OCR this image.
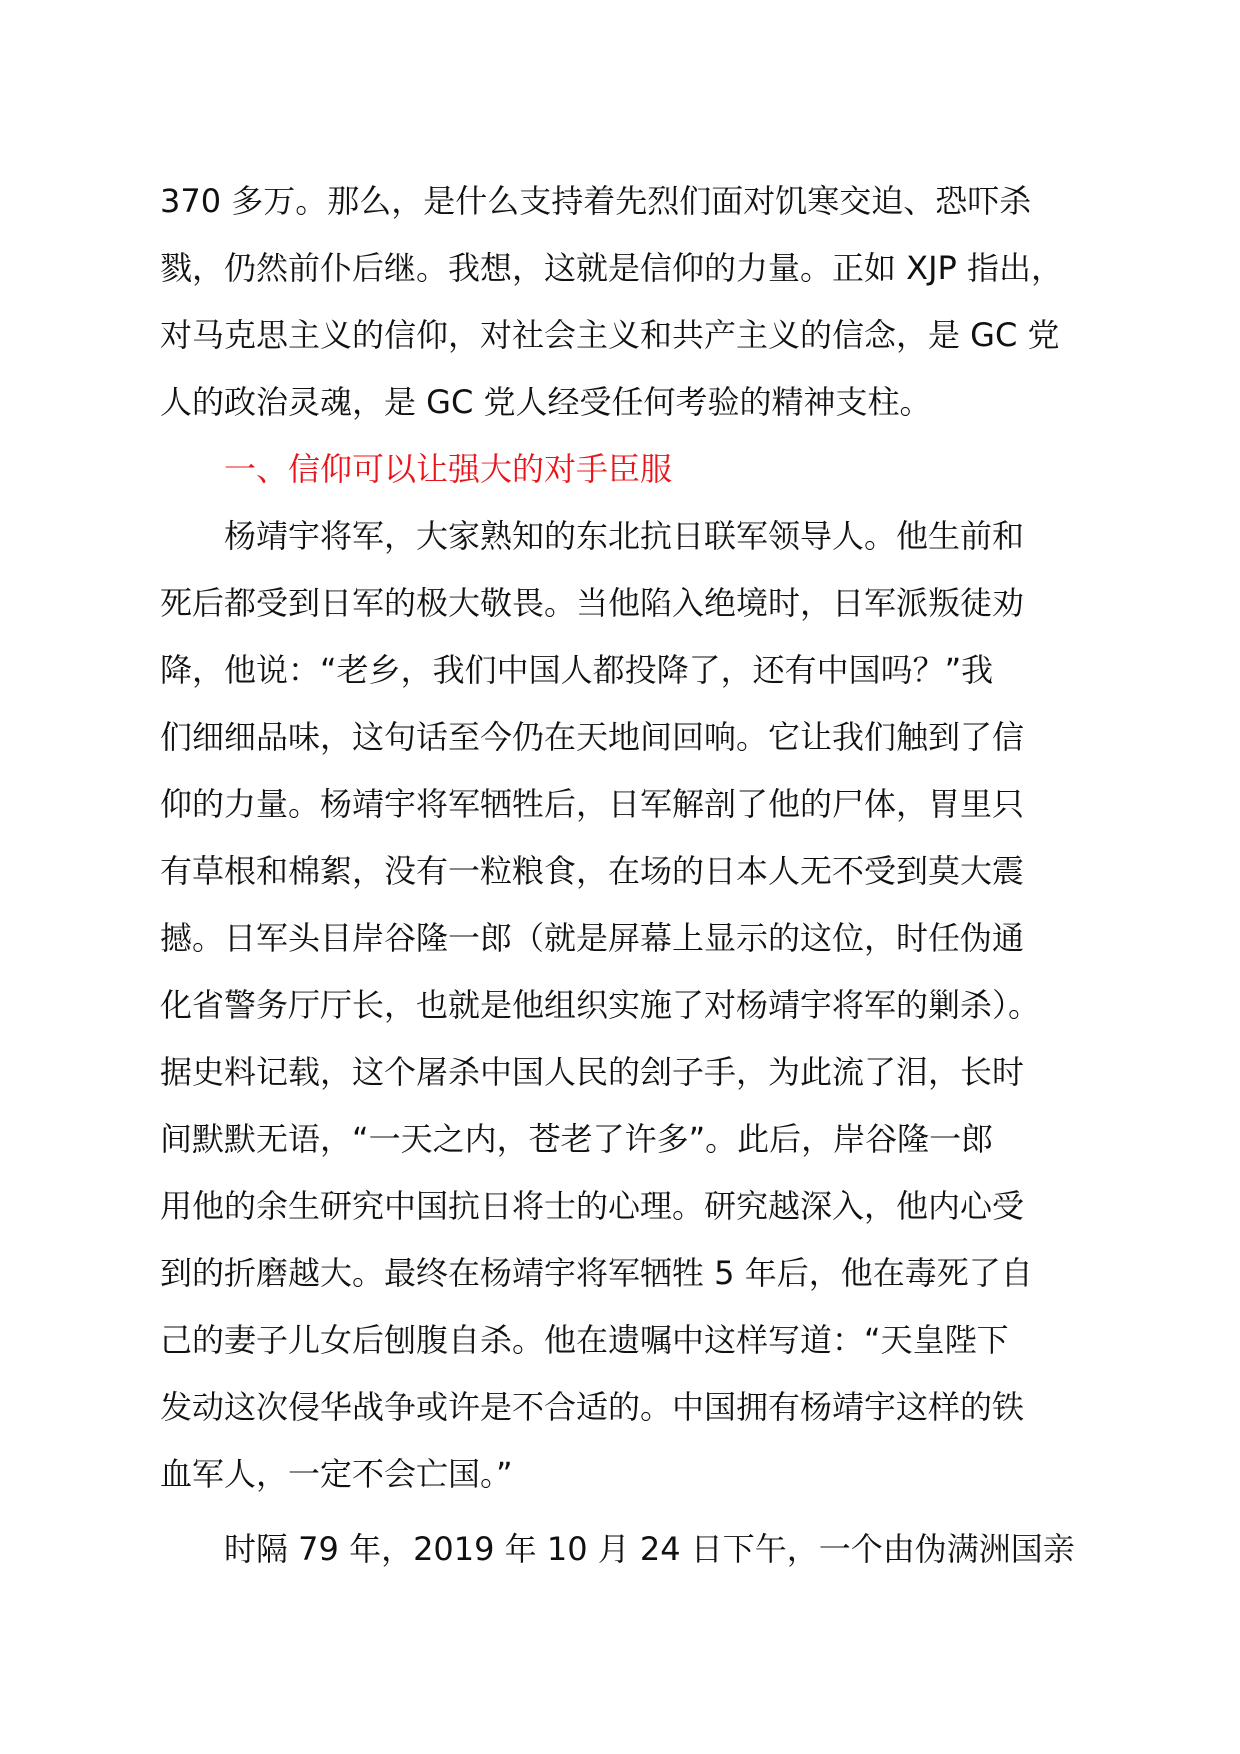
370 多万。那么，是什么支持着先烈们面对饥寒交迫、恐吓杀
戮，仍然前仆后继。我想，这就是信仰的力量。正如 XJP 指出，
对马克思主义的信仰，对社会主义和共产主义的信念，是 GC 党
人的政治灵魂，是 GC 党人经受任何考验的精神支柱。
一、信仰可以让强大的对手臣服
杨靖宇将军，大家熟知的东北抗日联军领导人。他生前和
死后都受到日军的极大敬畏。当他陷入绝境时，日军派叛徒劝
降，他说：“老乡，我们中国人都投降了，还有中国吗？”我
们细细品味，这句话至今仍在天地间回响。它让我们触到了信
仰的力量。杨靖宇将军牺牲后，日军解剖了他的尸体，胃里只
有草根和棉絮，没有一粒粮食，在场的日本人无不受到莫大震
撼。日军头目岸谷隆一郎（就是屏幕上显示的这位，时任伪通
化省警务厅厅长，也就是他组织实施了对杨靖宇将军的剿杀）。
据史料记载，这个屠杀中国人民的刽子手，为此流了泪，长时
间默默无语，“一天之内，苍老了许多”。此后，岸谷隆一郎
用他的余生研究中国抗日将士的心理。研究越深入，他内心受
到的折磨越大。最终在杨靖宇将军牺牲 5 年后，他在毒死了自
己的妻子儿女后刨腹自杀。他在遗嘱中这样写道：“天皇陛下
发动这次侵华战争或许是不合适的。中国拥有杨靖宇这样的铁
血军人，一定不会亡国。”
时隔 79 年，2019 年 10 月 24 日下午，一个由伪满洲国亲
